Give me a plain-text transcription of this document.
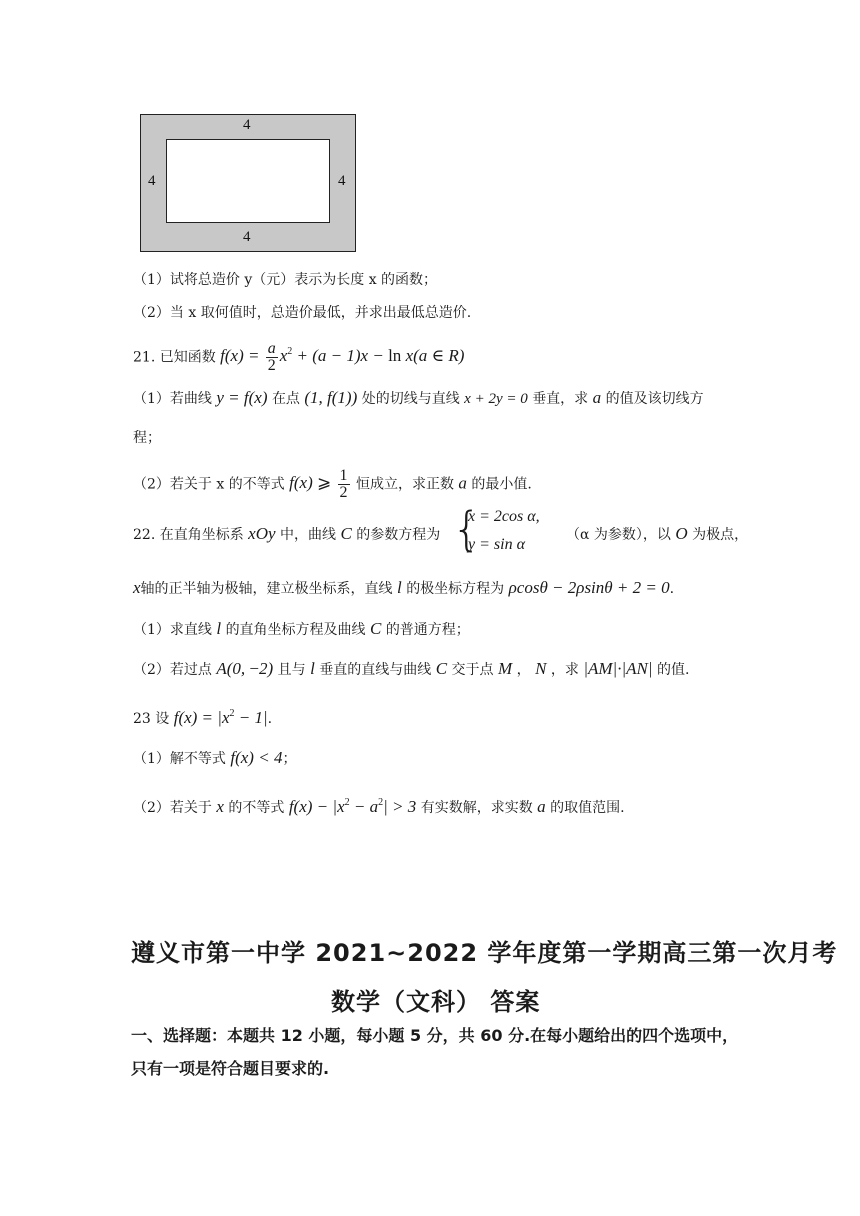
4
4
4	4
（1）试将总造价 y（元）表示为长度 x 的函数；
（2）当 x 取何值时，总造价最低，并求出最低总造价.
21. 已知函数 $f(x) = \frac{a}{2} x^2 + (a - 1)x - \ln x(a$ ∈ R)
（1）若曲线 y = f(x) 在点 (1, f(1)) 处的切线与直线 x + 2y = 0 垂直，求 a 的值及该切线方
程；
（2）若关于 x 的不等式 f(x) ⩾ $\frac{1}{2}$ 恒成立，求正数 a 的最小值.
22. 在直角坐标系 xOy 中，曲线 C 的参数方程为 {
x = 2cos α,
y = sin α
（α 为参数），以 O 为极点，
x轴的正半轴为极轴，建立极坐标系，直线 l 的极坐标方程为 ρcosθ − 2ρsinθ + 2 = 0.
（1）求直线 l 的直角坐标方程及曲线 C 的普通方程；
（2）若过点 A(0, −2) 且与 l 垂直的直线与曲线 C 交于点 M ， N ，求 |AM|·|AN| 的值.
23 设 $f(x) = |x^2 - 1|$.
（1）解不等式 f(x) < 4；
（2）若关于 x 的不等式 $f(x) - |x^2 - a^2| > 3$ 有实数解，求实数 a 的取值范围.
遵义市第一中学 2021~2022 学年度第一学期高三第一次月考
数学（文科） 答案
一、选择题：本题共 12 小题，每小题 5 分，共 60 分.在每小题给出的四个选项中，
只有一项是符合题目要求的.
